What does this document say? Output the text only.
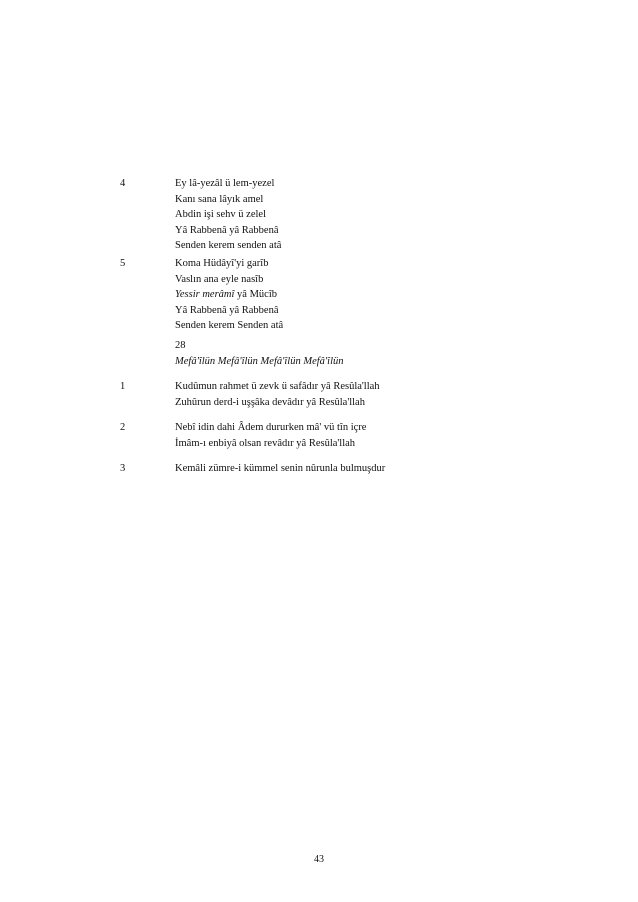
4	Ey lâ-yezâl ü lem-yezel
Kanı sana lâyık amel
Abdin işi sehv ü zelel
Yâ Rabbenâ yâ Rabbenâ
Senden kerem senden atâ
5	Koma Hüdâyî'yi garîb
Vaslın ana eyle nasîb
Yessir merâmî yâ Mücîb
Yâ Rabbenâ yâ Rabbenâ
Senden kerem Senden atâ
28
Mefâ'îlün Mefâ'îlün Mefâ'îlün Mefâ'îlün
1	Kudûmun rahmet ü zevk ü safâdır yâ Resûla'llah
Zuhûrun derd-i uşşâka devâdır yâ Resûla'llah
2	Nebî idin dahi Âdem dururken mâ' vü tîn içre
İmâm-ı enbiyâ olsan revâdır yâ Resûla'llah
3	Kemâli zümre-i kümmel senin nûrunla bulmuşdur
43
